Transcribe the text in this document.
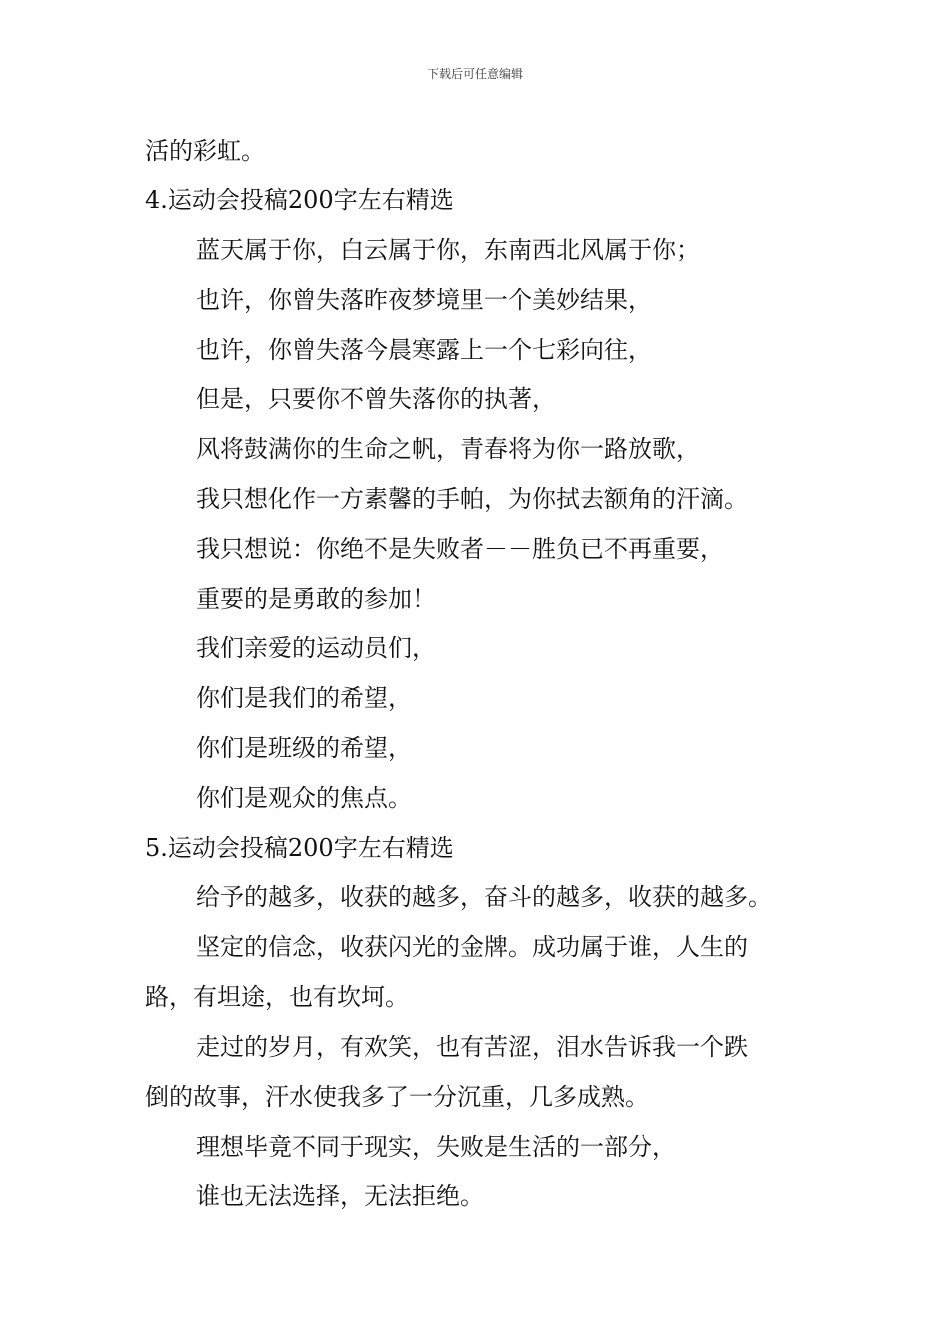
下载后可任意编辑
活的彩虹。
4.运动会投稿200字左右精选
蓝天属于你，白云属于你，东南西北风属于你；
也许，你曾失落昨夜梦境里一个美妙结果，
也许，你曾失落今晨寒露上一个七彩向往，
但是，只要你不曾失落你的执著，
风将鼓满你的生命之帆，青春将为你一路放歌，
我只想化作一方素馨的手帕，为你拭去额角的汗滴。
我只想说：你绝不是失败者－－胜负已不再重要，
重要的是勇敢的参加！
我们亲爱的运动员们，
你们是我们的希望，
你们是班级的希望，
你们是观众的焦点。
5.运动会投稿200字左右精选
给予的越多，收获的越多，奋斗的越多，收获的越多。
坚定的信念，收获闪光的金牌。成功属于谁，人生的
路，有坦途，也有坎坷。
走过的岁月，有欢笑，也有苦涩，泪水告诉我一个跌
倒的故事，汗水使我多了一分沉重，几多成熟。
理想毕竟不同于现实，失败是生活的一部分，
谁也无法选择，无法拒绝。
